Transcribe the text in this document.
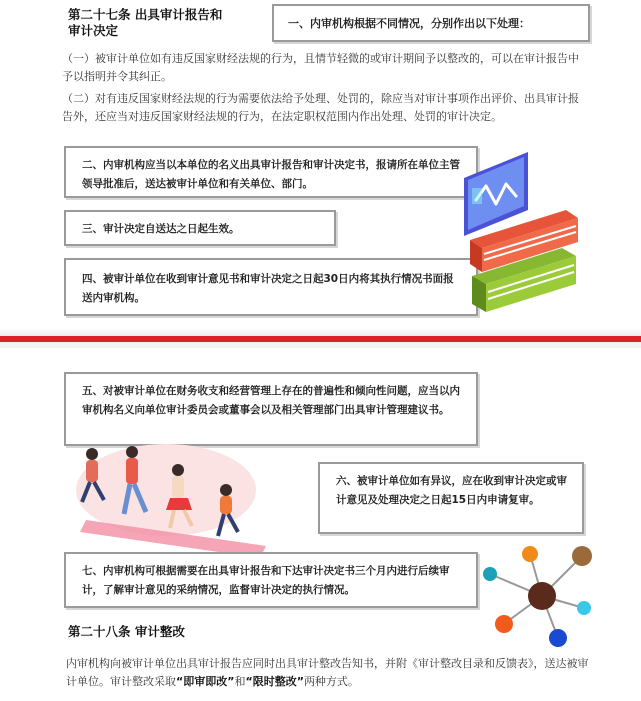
第二十七条 出具审计报告和
审计决定	一、内审机构根据不同情况，分别作出以下处理：
（一）被审计单位如有违反国家财经法规的行为，且情节轻微的或审计期间予以整改的，可以在审计报告中予以指明并令其纠正。
（二）对有违反国家财经法规的行为需要依法给予处理、处罚的，除应当对审计事项作出评价、出具审计报告外，还应当对违反国家财经法规的行为，在法定职权范围内作出处理、处罚的审计决定。
二、内审机构应当以本单位的名义出具审计报告和审计决定书，报请所在单位主管领导批准后，送达被审计单位和有关单位、部门。
三、审计决定自送达之日起生效。
四、被审计单位在收到审计意见书和审计决定之日起30日内将其执行情况书面报送内审机构。
五、对被审计单位在财务收支和经营管理上存在的普遍性和倾向性问题，应当以内审机构名义向单位审计委员会或董事会以及相关管理部门出具审计管理建议书。
六、被审计单位如有异议，应在收到审计决定或审计意见及处理决定之日起15日内申请复审。
七、内审机构可根据需要在出具审计报告和下达审计决定书三个月内进行后续审计，了解审计意见的采纳情况，监督审计决定的执行情况。
第二十八条 审计整改
内审机构向被审计单位出具审计报告应同时出具审计整改告知书，并附《审计整改目录和反馈表》，送达被审计单位。审计整改采取“即审即改”和“限时整改”两种方式。
